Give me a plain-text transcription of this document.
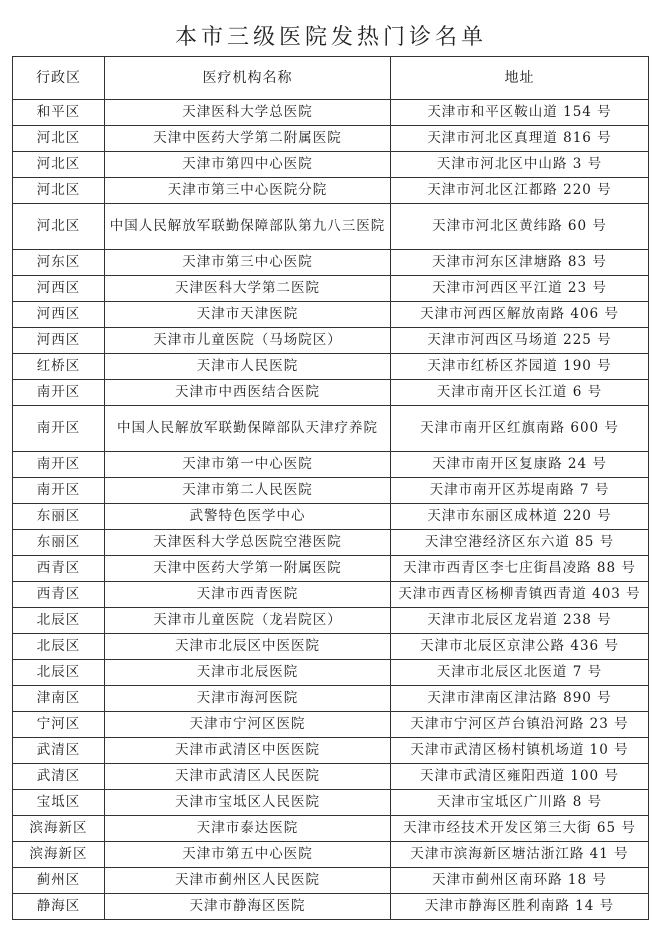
本市三级医院发热门诊名单
行政区	医疗机构名称	地址
和平区	天津医科大学总医院	天津市和平区鞍山道 154 号
河北区	天津中医药大学第二附属医院	天津市河北区真理道 816 号
河北区	天津市第四中心医院	天津市河北区中山路 3 号
河北区	天津市第三中心医院分院	天津市河北区江都路 220 号
河北区	中国人民解放军联勤保障部队第九八三医院	天津市河北区黄纬路 60 号
河东区	天津市第三中心医院	天津市河东区津塘路 83 号
河西区	天津医科大学第二医院	天津市河西区平江道 23 号
河西区	天津市天津医院	天津市河西区解放南路 406 号
河西区	天津市儿童医院（马场院区）	天津市河西区马场道 225 号
红桥区	天津市人民医院	天津市红桥区芥园道 190 号
南开区	天津市中西医结合医院	天津市南开区长江道 6 号
南开区	中国人民解放军联勤保障部队天津疗养院	天津市南开区红旗南路 600 号
南开区	天津市第一中心医院	天津市南开区复康路 24 号
南开区	天津市第二人民医院	天津市南开区苏堤南路 7 号
东丽区	武警特色医学中心	天津市东丽区成林道 220 号
东丽区	天津医科大学总医院空港医院	天津空港经济区东六道 85 号
西青区	天津中医药大学第一附属医院	天津市西青区李七庄街昌凌路 88 号
西青区	天津市西青医院	天津市西青区杨柳青镇西青道 403 号
北辰区	天津市儿童医院（龙岩院区）	天津市北辰区龙岩道 238 号
北辰区	天津市北辰区中医医院	天津市北辰区京津公路 436 号
北辰区	天津市北辰医院	天津市北辰区北医道 7 号
津南区	天津市海河医院	天津市津南区津沽路 890 号
宁河区	天津市宁河区医院	天津市宁河区芦台镇沿河路 23 号
武清区	天津市武清区中医医院	天津市武清区杨村镇机场道 10 号
武清区	天津市武清区人民医院	天津市武清区雍阳西道 100 号
宝坻区	天津市宝坻区人民医院	天津市宝坻区广川路 8 号
滨海新区	天津市泰达医院	天津市经技术开发区第三大街 65 号
滨海新区	天津市第五中心医院	天津市滨海新区塘沽浙江路 41 号
蓟州区	天津市蓟州区人民医院	天津市蓟州区南环路 18 号
静海区	天津市静海区医院	天津市静海区胜利南路 14 号
